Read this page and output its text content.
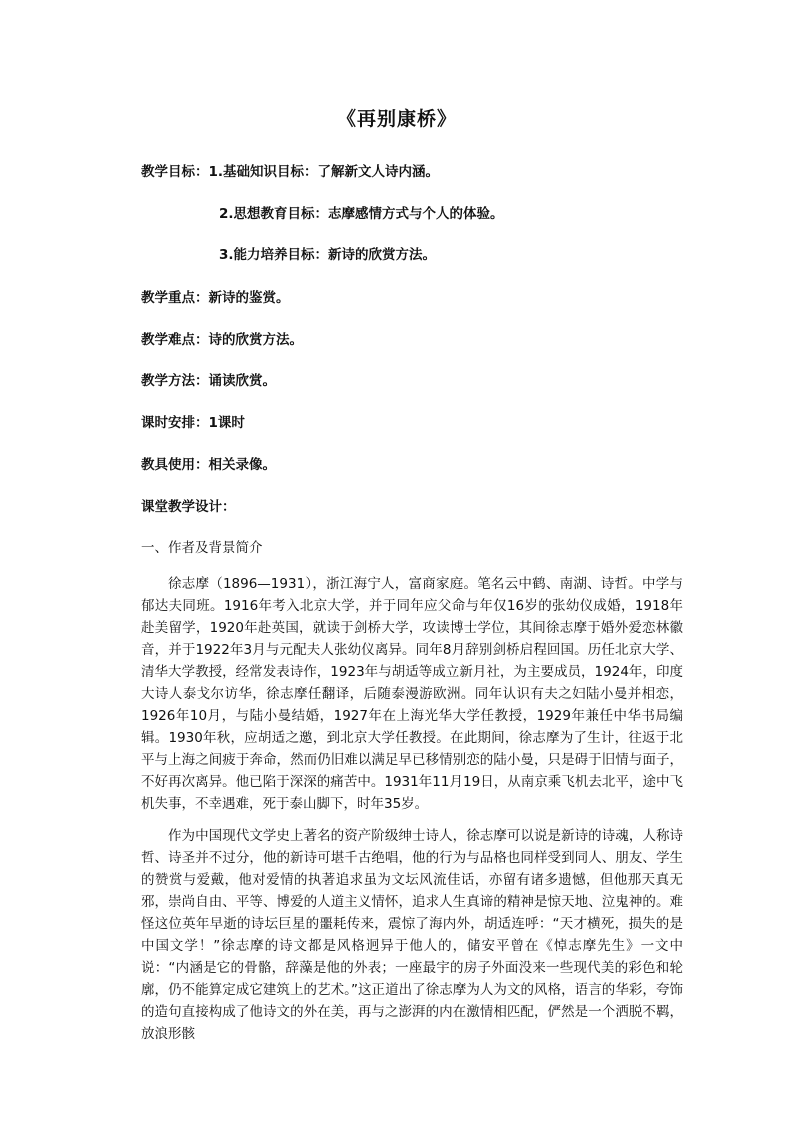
《再别康桥》
教学目标：1.基础知识目标：了解新文人诗内涵。
2.思想教育目标：志摩感情方式与个人的体验。
3.能力培养目标：新诗的欣赏方法。
教学重点：新诗的鉴赏。
教学难点：诗的欣赏方法。
教学方法：诵读欣赏。
课时安排：1课时
教具使用：相关录像。
课堂教学设计：
一、作者及背景简介

徐志摩（1896—1931），浙江海宁人，富商家庭。笔名云中鹤、南湖、诗哲。中学与郁达夫同班。1916年考入北京大学，并于同年应父命与年仅16岁的张幼仪成婚，1918年赴美留学，1920年赴英国，就读于剑桥大学，攻读博士学位，其间徐志摩于婚外爱恋林徽音，并于1922年3月与元配夫人张幼仪离异。同年8月辞别剑桥启程回国。历任北京大学、清华大学教授，经常发表诗作，1923年与胡适等成立新月社，为主要成员，1924年，印度大诗人泰戈尔访华，徐志摩任翻译，后随泰漫游欧洲。同年认识有夫之妇陆小曼并相恋，1926年10月，与陆小曼结婚，1927年在上海光华大学任教授，1929年兼任中华书局编辑。1930年秋，应胡适之邀，到北京大学任教授。在此期间，徐志摩为了生计，往返于北平与上海之间疲于奔命，然而仍旧难以满足早已移情别恋的陆小曼，只是碍于旧情与面子，不好再次离异。他已陷于深深的痛苦中。1931年11月19日，从南京乘飞机去北平，途中飞机失事，不幸遇难，死于泰山脚下，时年35岁。

作为中国现代文学史上著名的资产阶级绅士诗人，徐志摩可以说是新诗的诗魂，人称诗哲、诗圣并不过分，他的新诗可堪千古绝唱，他的行为与品格也同样受到同人、朋友、学生的赞赏与爱戴，他对爱情的执著追求虽为文坛风流佳话，亦留有诸多遗憾，但他那天真无邪，崇尚自由、平等、博爱的人道主义情怀，追求人生真谛的精神是惊天地、泣鬼神的。难怪这位英年早逝的诗坛巨星的噩耗传来，震惊了海内外，胡适连呼：“天才横死，损失的是中国文学！”徐志摩的诗文都是风格迥异于他人的，储安平曾在《悼志摩先生》一文中说：“内涵是它的骨骼，辞藻是他的外表；一座最宇的房子外面没来一些现代美的彩色和轮廓，仍不能算定成它建筑上的艺术。”这正道出了徐志摩为人为文的风格，语言的华彩，夸饰的造句直接构成了他诗文的外在美，再与之澎湃的内在激情相匹配，俨然是一个洒脱不羁，放浪形骸
